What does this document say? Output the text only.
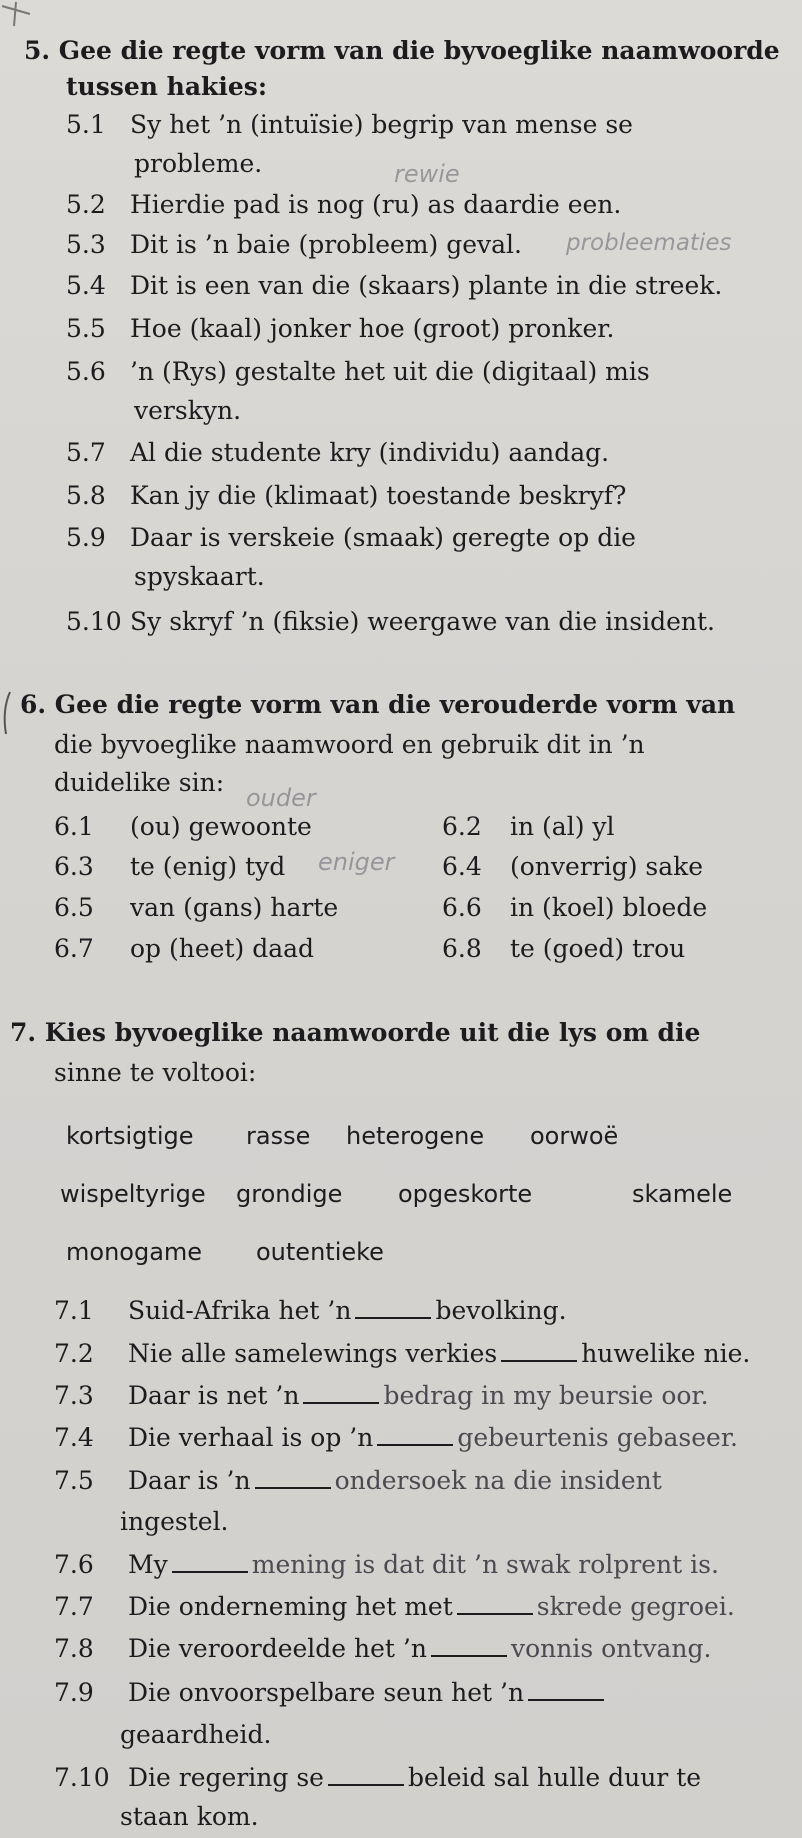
5. Gee die regte vorm van die byvoeglike naamwoorde
tussen hakies:
5.1 Sy het ’n (intuïsie) begrip van mense se
probleme.
5.2 Hierdie pad is nog (ru) as daardie een.
rewie
5.3 Dit is ’n baie (probleem) geval. probleematies
5.4 Dit is een van die (skaars) plante in die streek.
5.5 Hoe (kaal) jonker hoe (groot) pronker.
5.6 ’n (Rys) gestalte het uit die (digitaal) mis
verskyn.
5.7 Al die studente kry (individu) aandag.
5.8 Kan jy die (klimaat) toestande beskryf?
5.9 Daar is verskeie (smaak) geregte op die
spyskaart.
5.10 Sy skryf ’n (fiksie) weergawe van die insident.
6. Gee die regte vorm van die verouderde vorm van
die byvoeglike naamwoord en gebruik dit in ’n
duidelike sin:
ouder
6.1 (ou) gewoonte	6.2 in (al) yl
6.3 te (enig) tyd eniger 6.4 (onverrig) sake
6.5 van (gans) harte	6.6 in (koel) bloede
6.7 op (heet) daad	6.8 te (goed) trou
7. Kies byvoeglike naamwoorde uit die lys om die
sinne te voltooi:
kortsigtige rasse heterogene oorwoë
wispeltyrige grondige opgeskorte	skamele
monogame outentieke
7.1 Suid-Afrika het ’n	bevolking.
7.2 Nie alle samelewings verkies	huwelike nie.
7.3 Daar is net ’n	bedrag in my beursie oor.
7.4 Die verhaal is op ’n	gebeurtenis gebaseer.
7.5 Daar is ’n	ondersoek na die insident
ingestel.
7.6 My	mening is dat dit ’n swak rolprent is.
7.7 Die onderneming het met	skrede gegroei.
7.8 Die veroordeelde het ’n	vonnis ontvang.
7.9 Die onvoorspelbare seun het ’n
geaardheid.
7.10 Die regering se	beleid sal hulle duur te
staan kom.
